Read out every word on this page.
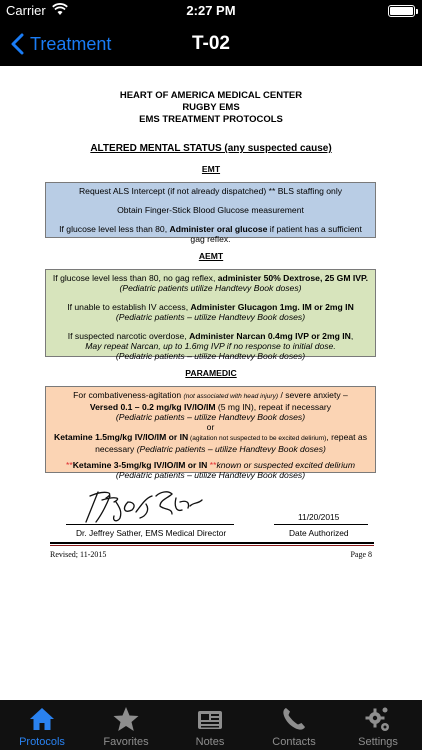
Carrier	2:27 PM
Treatment	T-02
HEART OF AMERICA MEDICAL CENTER
RUGBY EMS
EMS TREATMENT PROTOCOLS
ALTERED MENTAL STATUS (any suspected cause)
EMT

Request ALS Intercept (if not already dispatched) ** BLS staffing only

Obtain Finger-Stick Blood Glucose measurement

If glucose level less than 80, Administer oral glucose if patient has a sufficient gag reflex.

AEMT

If glucose level less than 80, no gag reflex, administer 50% Dextrose, 25 GM IVP.

(Pediatric patients utilize Handtevy Book doses)

If unable to establish IV access, Administer Glucagon 1mg. IM or 2mg IN

(Pediatric patients – utilize Handtevy Book doses)

If suspected narcotic overdose, Administer Narcan 0.4mg IVP or 2mg IN,

May repeat Narcan, up to 1.6mg IVP if no response to initial dose.

(Pediatric patients – utilize Handtevy Book doses)

PARAMEDIC

For combativeness-agitation (not associated with head injury) / severe anxiety –

Versed 0.1 – 0.2 mg/kg IV/IO/IM (5 mg IN), repeat if necessary

(Pediatric patients – utilize Handtevy Book doses)

or

Ketamine 1.5mg/kg IV/IO/IM or IN (agitation not suspected to be excited delirium), repeat as

necessary (Pediatric patients – utilize Handtevy Book doses)

**Ketamine 3-5mg/kg IV/IO/IM or IN **known or suspected excited delirium

(Pediatric patients – utilize Handtevy Book doses)

Dr. Jeffrey Sather, EMS Medical Director
11/20/2015
Date Authorized
Revised; 11-2015	Page 8
Protocols	Favorites	Notes	Contacts	Settings
